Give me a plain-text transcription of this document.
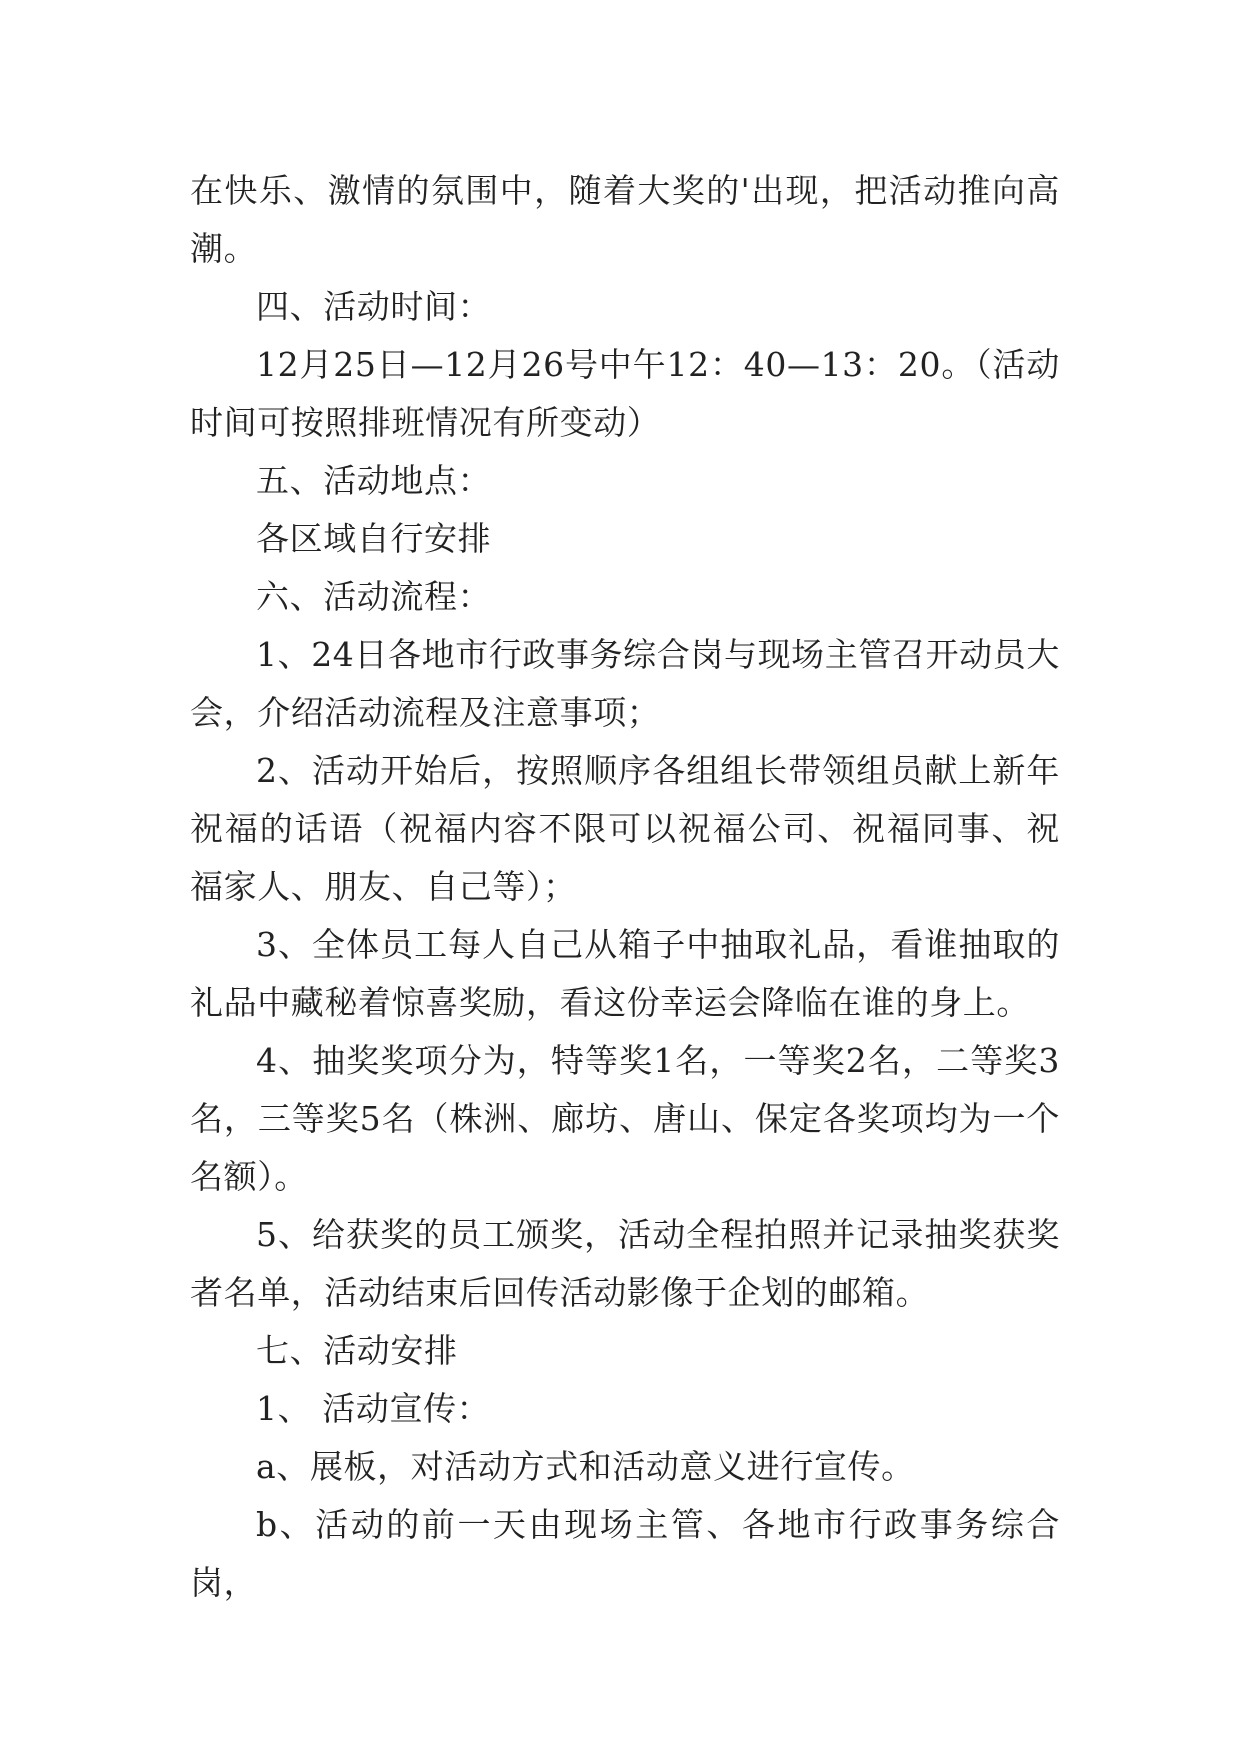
在快乐、激情的氛围中，随着大奖的'出现，把活动推向高潮。

四、活动时间：

12月25日—12月26号中午12：40—13：20。（活动时间可按照排班情况有所变动）

五、活动地点：

各区域自行安排

六、活动流程：

1、24日各地市行政事务综合岗与现场主管召开动员大会，介绍活动流程及注意事项；

2、活动开始后，按照顺序各组组长带领组员献上新年祝福的话语（祝福内容不限可以祝福公司、祝福同事、祝福家人、朋友、自己等）；

3、全体员工每人自己从箱子中抽取礼品，看谁抽取的礼品中藏秘着惊喜奖励，看这份幸运会降临在谁的身上。

4、抽奖奖项分为，特等奖1名，一等奖2名，二等奖3名，三等奖5名（株洲、廊坊、唐山、保定各奖项均为一个名额）。

5、给获奖的员工颁奖，活动全程拍照并记录抽奖获奖者名单，活动结束后回传活动影像于企划的邮箱。

七、活动安排

1、 活动宣传：

a、展板，对活动方式和活动意义进行宣传。

b、活动的前一天由现场主管、各地市行政事务综合岗，
